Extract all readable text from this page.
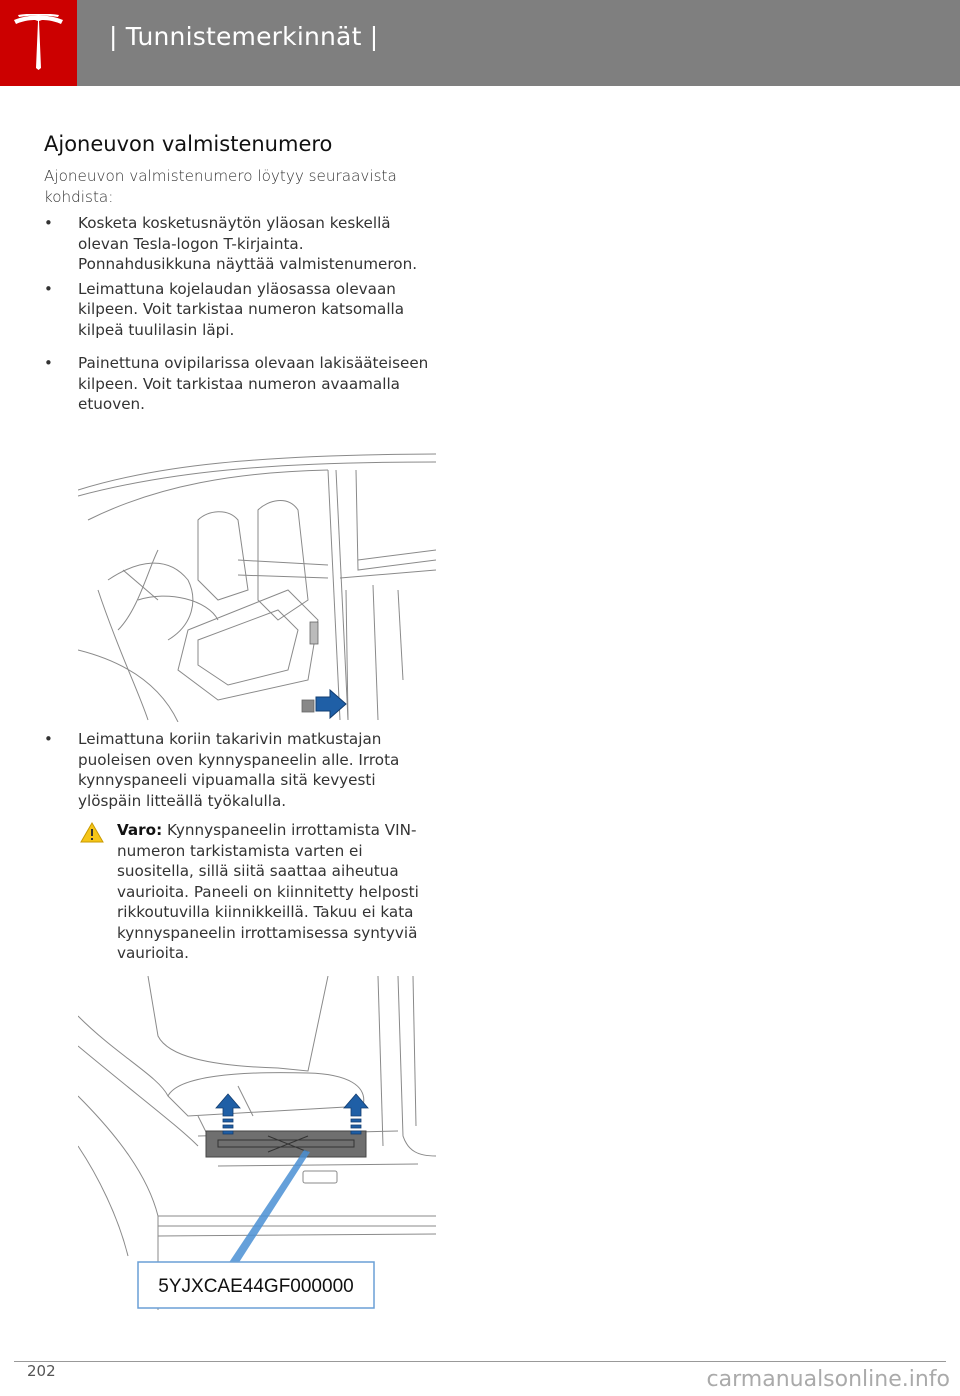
| Tunnistemerkinnät |
Ajoneuvon valmistenumero

Ajoneuvon valmistenumero löytyy seuraavista kohdista:

• Kosketa kosketusnäytön yläosan keskellä olevan Tesla-logon T-kirjainta. Ponnahdusikkuna näyttää valmistenumeron.
• Leimattuna kojelaudan yläosassa olevaan kilpeen. Voit tarkistaa numeron katsomalla kilpeä tuulilasin läpi.
• Painettuna ovipilarissa olevaan lakisääteiseen kilpeen. Voit tarkistaa numeron avaamalla etuoven.
• Leimattuna koriin takarivin matkustajan puoleisen oven kynnyspaneelin alle. Irrota kynnyspaneeli vipuamalla sitä kevyesti ylöspäin litteällä työkalulla.
Varo: Kynnyspaneelin irrottamista VIN-numeron tarkistamista varten ei suositella, sillä siitä saattaa aiheutua vaurioita. Paneeli on kiinnitetty helposti rikkoutuvilla kiinnikkeillä. Takuu ei kata kynnyspaneelin irrottamisessa syntyviä vaurioita.
5YJXCAE44GF000000
202	carmanualsonline.info
